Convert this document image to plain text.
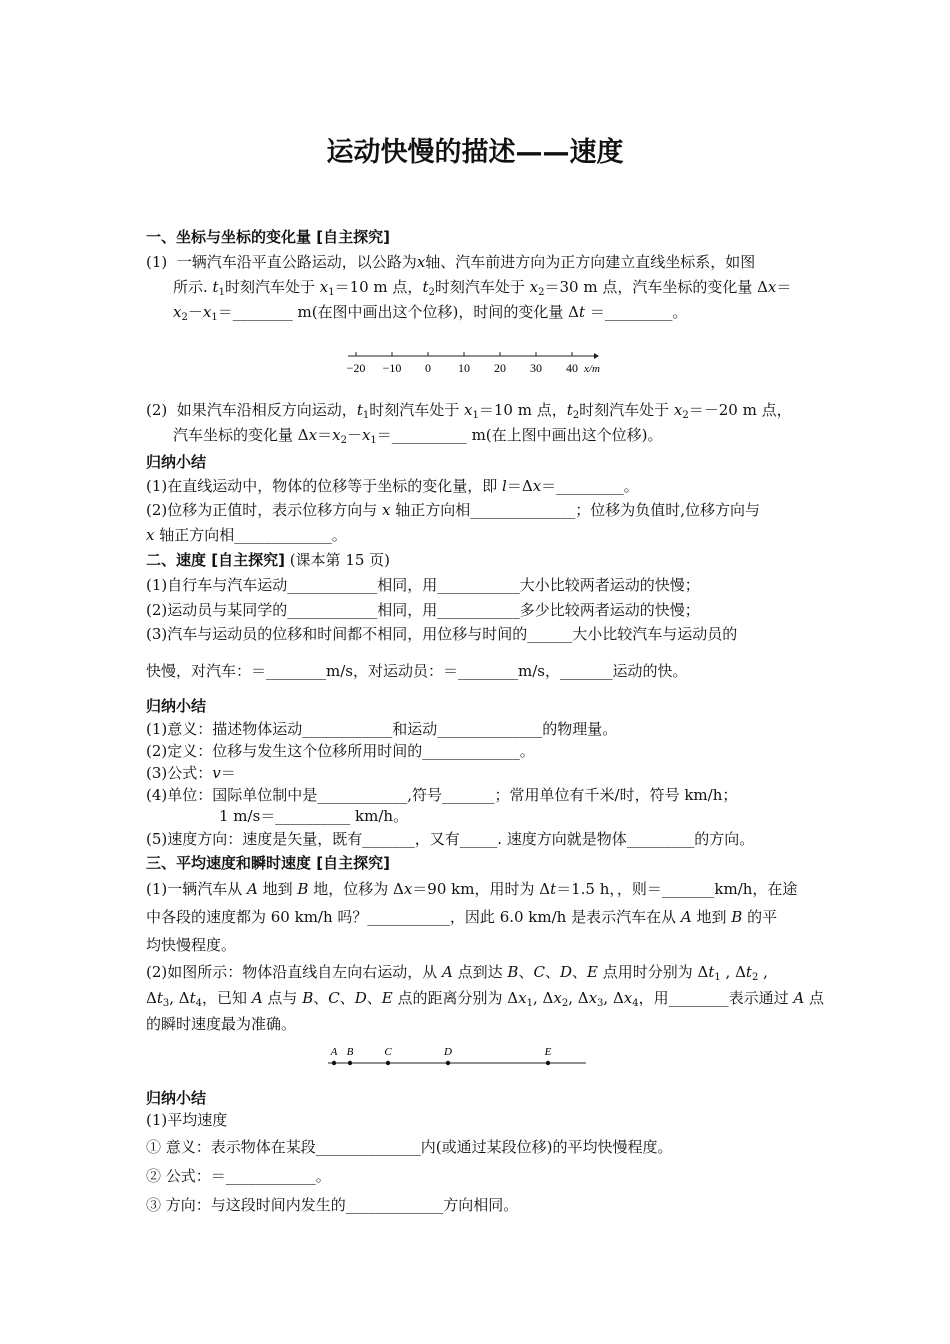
运动快慢的描述——速度
一、坐标与坐标的变化量 [自主探究]
(1) 一辆汽车沿平直公路运动，以公路为x轴、汽车前进方向为正方向建立直线坐标系，如图
所示. $t_1$时刻汽车处于 $x_1=10$ m 点，$t_2$时刻汽车处于 $x_2=30$ m 点，汽车坐标的变化量 Δx＝
$x_2-x_1=\_\_\_\_\_\_\_\_$ m(在图中画出这个位移)，时间的变化量 Δt ＝_________。
−20 −10 0 10 20 30 40 x/m
(2) 如果汽车沿相反方向运动，$t_1$时刻汽车处于 $x_1=10$ m 点，$t_2$时刻汽车处于 $x_2=-20$ m 点，
汽车坐标的变化量 $\Delta x=x_2-x_1=\_\_\_\_\_\_\_\_\_\_$ m(在上图中画出这个位移)。
归纳小结
(1)在直线运动中，物体的位移等于坐标的变化量，即 l＝Δx＝_________。
(2)位移为正值时，表示位移方向与 x 轴正方向相______________；位移为负值时,位移方向与
x 轴正方向相_____________。
二、速度 [自主探究] (课本第 15 页)
(1)自行车与汽车运动____________相同，用___________大小比较两者运动的快慢；
(2)运动员与某同学的____________相同，用___________多少比较两者运动的快慢；
(3)汽车与运动员的位移和时间都不相同，用位移与时间的______大小比较汽车与运动员的
快慢，对汽车：＝________m/s，对运动员：＝________m/s，_______运动的快。
归纳小结
(1)意义：描述物体运动____________和运动______________的物理量。
(2)定义：位移与发生这个位移所用时间的_____________。
(3)公式：v＝
(4)单位：国际单位制中是____________,符号_______；常用单位有千米/时，符号 km/h；
1 m/s＝__________ km/h。
(5)速度方向：速度是矢量，既有_______，又有_____. 速度方向就是物体_________的方向。
三、平均速度和瞬时速度 [自主探究]
(1)一辆汽车从 A 地到 B 地，位移为 Δx＝90 km，用时为 Δt＝1.5 h，，则＝_______km/h，在途
中各段的速度都为 60 km/h 吗？___________，因此 6.0 km/h 是表示汽车在从 A 地到 B 的平
均快慢程度。
(2)如图所示：物体沿直线自左向右运动，从 A 点到达 B、C、D、E 点用时分别为 $\Delta t_1$ , $\Delta t_2$ ,
$\Delta t_3$, $\Delta t_4$，已知 A 点与 B、C、D、E 点的距离分别为 $\Delta x_1$, $\Delta x_2$, $\Delta x_3$, $\Delta x_4$，用________表示通过 A 点
的瞬时速度最为准确。
A B	C	D	E
归纳小结
(1)平均速度
① 意义：表示物体在某段______________内(或通过某段位移)的平均快慢程度。
② 公式：＝____________。
③ 方向：与这段时间内发生的_____________方向相同。
